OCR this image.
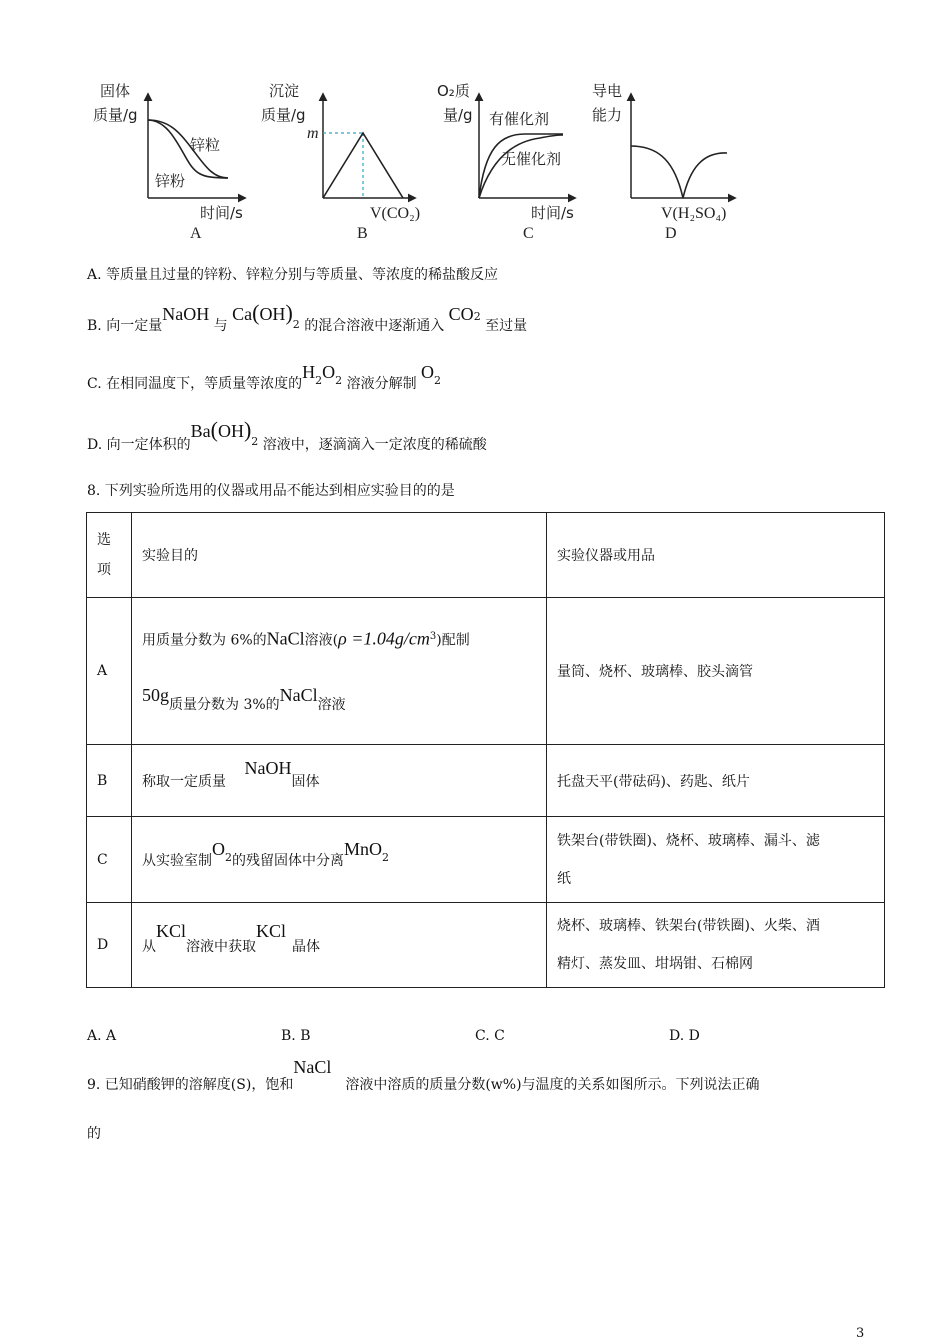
固体
质量/g
锌粒
锌粉
时间/s
A
沉淀
质量/g
m
V(CO₂)
B
O₂质
量/g 有催化剂
无催化剂
时间/s
C
导电
能力
V(H₂SO₄)
D
A. 等质量且过量的锌粉、锌粒分别与等质量、等浓度的稀盐酸反应
B. 向一定量NaOH 与 $Ca(OH)_2$ 的混合溶液中逐渐通入 CO2 至过量
C. 在相同温度下，等质量等浓度的$H_2O_2$ 溶液分解制 $O_2$
D. 向一定体积的$Ba(OH)_2$ 溶液中，逐滴滴入一定浓度的稀硫酸
8. 下列实验所选用的仪器或用品不能达到相应实验目的的是
选
项	实验目的	实验仪器或用品
A	用质量分数为 6%的NaCl溶液$(\rho =1.04g/cm^3)$配制
50g质量分数为 3%的NaCl溶液	量筒、烧杯、玻璃棒、胶头滴管
B	称取一定质量 NaOH固体	托盘天平(带砝码)、药匙、纸片
C	从实验室制$O^2$的残留固体中分离MnO$^2$	铁架台(带铁圈)、烧杯、玻璃棒、漏斗、滤
纸
D	从KCl溶液中获取KCl晶体	烧杯、玻璃棒、铁架台(带铁圈)、火柴、酒
精灯、蒸发皿、坩埚钳、石棉网
A. A	B. B	C. C	D. D
9. 已知硝酸钾的溶解度(S)，饱和NaCl溶液中溶质的质量分数(w%)与温度的关系如图所示。下列说法正确
的
3
